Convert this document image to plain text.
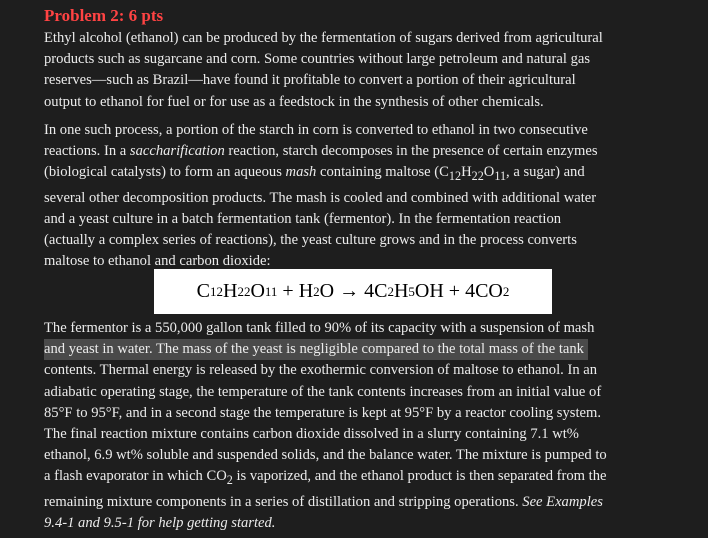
Problem 2: 6 pts
Ethyl alcohol (ethanol) can be produced by the fermentation of sugars derived from agricultural
products such as sugarcane and corn. Some countries without large petroleum and natural gas
reserves—such as Brazil—have found it profitable to convert a portion of their agricultural
output to ethanol for fuel or for use as a feedstock in the synthesis of other chemicals.
In one such process, a portion of the starch in corn is converted to ethanol in two consecutive
reactions. In a saccharification reaction, starch decomposes in the presence of certain enzymes
(biological catalysts) to form an aqueous mash containing maltose ($C_{12}H_{22}O_{11}$, a sugar) and
several other decomposition products. The mash is cooled and combined with additional water
and a yeast culture in a batch fermentation tank (fermentor). In the fermentation reaction
(actually a complex series of reactions), the yeast culture grows and in the process converts
maltose to ethanol and carbon dioxide:
C 12 H 22 O 11 + H 2 O → 4C 2 H 5 OH + 4CO 2
The fermentor is a 550,000 gallon tank filled to 90% of its capacity with a suspension of mash
and yeast in water. The mass of the yeast is negligible compared to the total mass of the tank
contents. Thermal energy is released by the exothermic conversion of maltose to ethanol. In an
adiabatic operating stage, the temperature of the tank contents increases from an initial value of
85°F to 95°F, and in a second stage the temperature is kept at 95°F by a reactor cooling system.
The final reaction mixture contains carbon dioxide dissolved in a slurry containing 7.1 wt%
ethanol, 6.9 wt% soluble and suspended solids, and the balance water. The mixture is pumped to
a flash evaporator in which $CO_2$ is vaporized, and the ethanol product is then separated from the
remaining mixture components in a series of distillation and stripping operations. See Examples
9.4-1 and 9.5-1 for help getting started.
